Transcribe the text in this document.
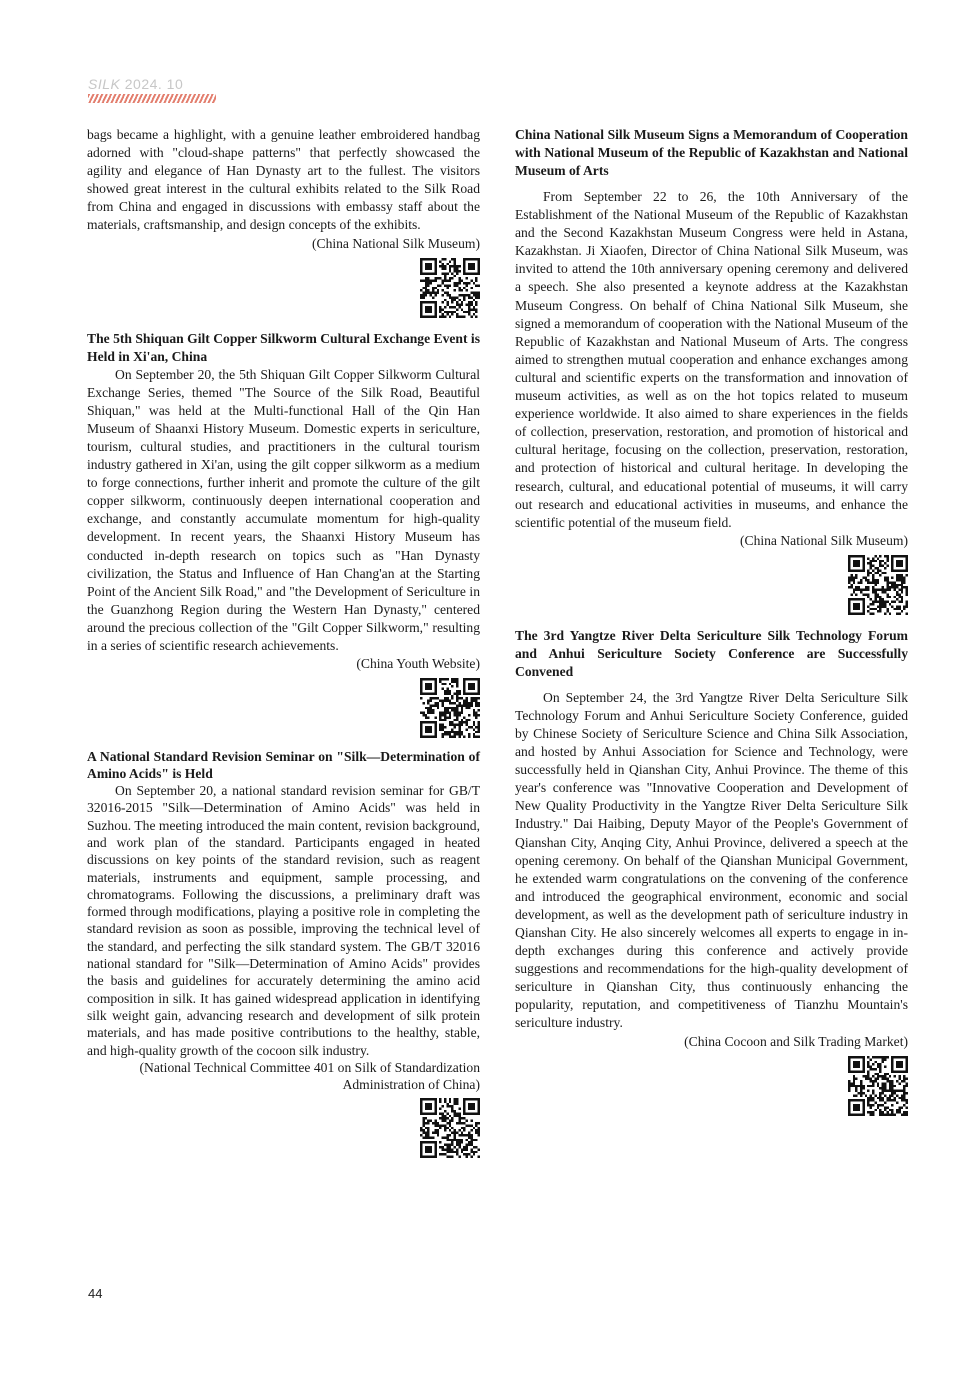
SILK 2024. 10

bags became a highlight, with a genuine leather embroidered handbag adorned with "cloud-shape patterns" that perfectly showcased the agility and elegance of Han Dynasty art to the fullest. The visitors showed great interest in the cultural exhibits related to the Silk Road from China and engaged in discussions with embassy staff about the materials, craftsmanship, and design concepts of the exhibits.

(China National Silk Museum)

The 5th Shiquan Gilt Copper Silkworm Cultural Exchange Event is Held in Xi'an, China

On September 20, the 5th Shiquan Gilt Copper Silkworm Cultural Exchange Series, themed "The Source of the Silk Road, Beautiful Shiquan," was held at the Multi-functional Hall of the Qin Han Museum of Shaanxi History Museum. Domestic experts in sericulture, tourism, cultural studies, and practitioners in the cultural tourism industry gathered in Xi'an, using the gilt copper silkworm as a medium to forge connections, further inherit and promote the culture of the gilt copper silkworm, continuously deepen international cooperation and exchange, and constantly accumulate momentum for high-quality development. In recent years, the Shaanxi History Museum has conducted in-depth research on topics such as "Han Dynasty civilization, the Status and Influence of Han Chang'an at the Starting Point of the Ancient Silk Road," and "the Development of Sericulture in the Guanzhong Region during the Western Han Dynasty," centered around the precious collection of the "Gilt Copper Silkworm," resulting in a series of scientific research achievements.

(China Youth Website)

A National Standard Revision Seminar on "Silk—Determination of Amino Acids" is Held

On September 20, a national standard revision seminar for GB/T 32016-2015 "Silk—Determination of Amino Acids" was held in Suzhou. The meeting introduced the main content, revision background, and work plan of the standard. Participants engaged in heated discussions on key points of the standard revision, such as reagent materials, instruments and equipment, sample processing, and chromatograms. Following the discussions, a preliminary draft was formed through modifications, playing a positive role in completing the standard revision as soon as possible, improving the technical level of the standard, and perfecting the silk standard system. The GB/T 32016 national standard for "Silk—Determination of Amino Acids" provides the basis and guidelines for accurately determining the amino acid composition in silk. It has gained widespread application in identifying silk weight gain, advancing research and development of silk protein materials, and has made positive contributions to the healthy, stable, and high-quality growth of the cocoon silk industry.

(National Technical Committee 401 on Silk of Standardization Administration of China)

China National Silk Museum Signs a Memorandum of Cooperation with National Museum of the Republic of Kazakhstan and National Museum of Arts

From September 22 to 26, the 10th Anniversary of the Establishment of the National Museum of the Republic of Kazakhstan and the Second Kazakhstan Museum Congress were held in Astana, Kazakhstan. Ji Xiaofen, Director of China National Silk Museum, was invited to attend the 10th anniversary opening ceremony and delivered a speech. She also presented a keynote address at the Kazakhstan Museum Congress. On behalf of China National Silk Museum, she signed a memorandum of cooperation with the National Museum of the Republic of Kazakhstan and National Museum of Arts. The congress aimed to strengthen mutual cooperation and enhance exchanges among cultural and scientific experts on the transformation and innovation of museum activities, as well as on the hot topics related to museum experience worldwide. It also aimed to share experiences in the fields of collection, preservation, restoration, and promotion of historical and cultural heritage, focusing on the collection, preservation, restoration, and protection of historical and cultural heritage. In developing the research, cultural, and educational potential of museums, it will carry out research and educational activities in museums, and enhance the scientific potential of the museum field.

(China National Silk Museum)

The 3rd Yangtze River Delta Sericulture Silk Technology Forum and Anhui Sericulture Society Conference are Successfully Convened

On September 24, the 3rd Yangtze River Delta Sericulture Silk Technology Forum and Anhui Sericulture Society Conference, guided by Chinese Society of Sericulture Science and China Silk Association, and hosted by Anhui Association for Science and Technology, were successfully held in Qianshan City, Anhui Province. The theme of this year's conference was "Innovative Cooperation and Development of New Quality Productivity in the Yangtze River Delta Sericulture Silk Industry." Dai Haibing, Deputy Mayor of the People's Government of Qianshan City, Anqing City, Anhui Province, delivered a speech at the opening ceremony. On behalf of the Qianshan Municipal Government, he extended warm congratulations on the convening of the conference and introduced the geographical environment, economic and social development, as well as the development path of sericulture industry in Qianshan City. He also sincerely welcomes all experts to engage in in-depth exchanges during this conference and actively provide suggestions and recommendations for the high-quality development of sericulture in Qianshan City, thus continuously enhancing the popularity, reputation, and competitiveness of Tianzhu Mountain's sericulture industry.

(China Cocoon and Silk Trading Market)

44
